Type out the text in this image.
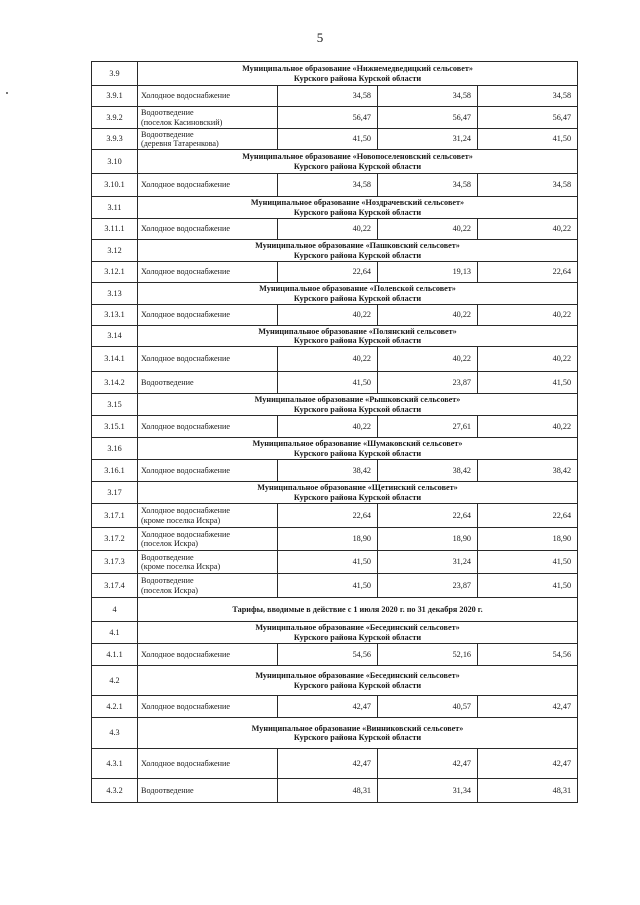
5
3.9	Муниципальное образование «Нижнемедведицкий сельсовет»
Курского района Курской области			

3.9.1	Холодное водоснабжение	34,58	34,58	34,58
3.9.2	Водоотведение
(поселок Касиновский)	56,47	56,47	56,47
3.9.3	Водоотведение
(деревня Татаренкова)	41,50	31,24	41,50
3.10	Муниципальное образование «Новопоселеновский сельсовет»
Курского района Курской области			

3.10.1	Холодное водоснабжение	34,58	34,58	34,58
3.11	Муниципальное образование «Ноздрачевский сельсовет»
Курского района Курской области			

3.11.1	Холодное водоснабжение	40,22	40,22	40,22
3.12	Муниципальное образование «Пашковский сельсовет»
Курского района Курской области			

3.12.1	Холодное водоснабжение	22,64	19,13	22,64
3.13	Муниципальное образование «Полевской сельсовет»
Курского района Курской области			

3.13.1	Холодное водоснабжение	40,22	40,22	40,22
3.14	Муниципальное образование «Полянский сельсовет»
Курского района Курской области			

3.14.1	Холодное водоснабжение	40,22	40,22	40,22
3.14.2	Водоотведение	41,50	23,87	41,50
3.15	Муниципальное образование «Рышковский сельсовет»
Курского района Курской области			

3.15.1	Холодное водоснабжение	40,22	27,61	40,22
3.16	Муниципальное образование «Шумаковский сельсовет»
Курского района Курской области			

3.16.1	Холодное водоснабжение	38,42	38,42	38,42
3.17	Муниципальное образование «Щетинский сельсовет»
Курского района Курской области			

3.17.1	Холодное водоснабжение
(кроме поселка Искра)	22,64	22,64	22,64
3.17.2	Холодное водоснабжение
(поселок Искра)	18,90	18,90	18,90
3.17.3	Водоотведение
(кроме поселка Искра)	41,50	31,24	41,50
3.17.4	Водоотведение
(поселок Искра)	41,50	23,87	41,50
4	Тарифы, вводимые в действие с 1 июля 2020 г. по 31 декабря 2020 г.			

4.1	Муниципальное образование «Бесединский сельсовет»
Курского района Курской области			

4.1.1	Холодное водоснабжение	54,56	52,16	54,56
4.2	Муниципальное образование «Бесединский сельсовет»
Курского района Курской области			

4.2.1	Холодное водоснабжение	42,47	40,57	42,47
4.3	Муниципальное образование «Винниковский сельсовет»
Курского района Курской области			

4.3.1	Холодное водоснабжение	42,47	42,47	42,47
4.3.2	Водоотведение	48,31	31,34	48,31
